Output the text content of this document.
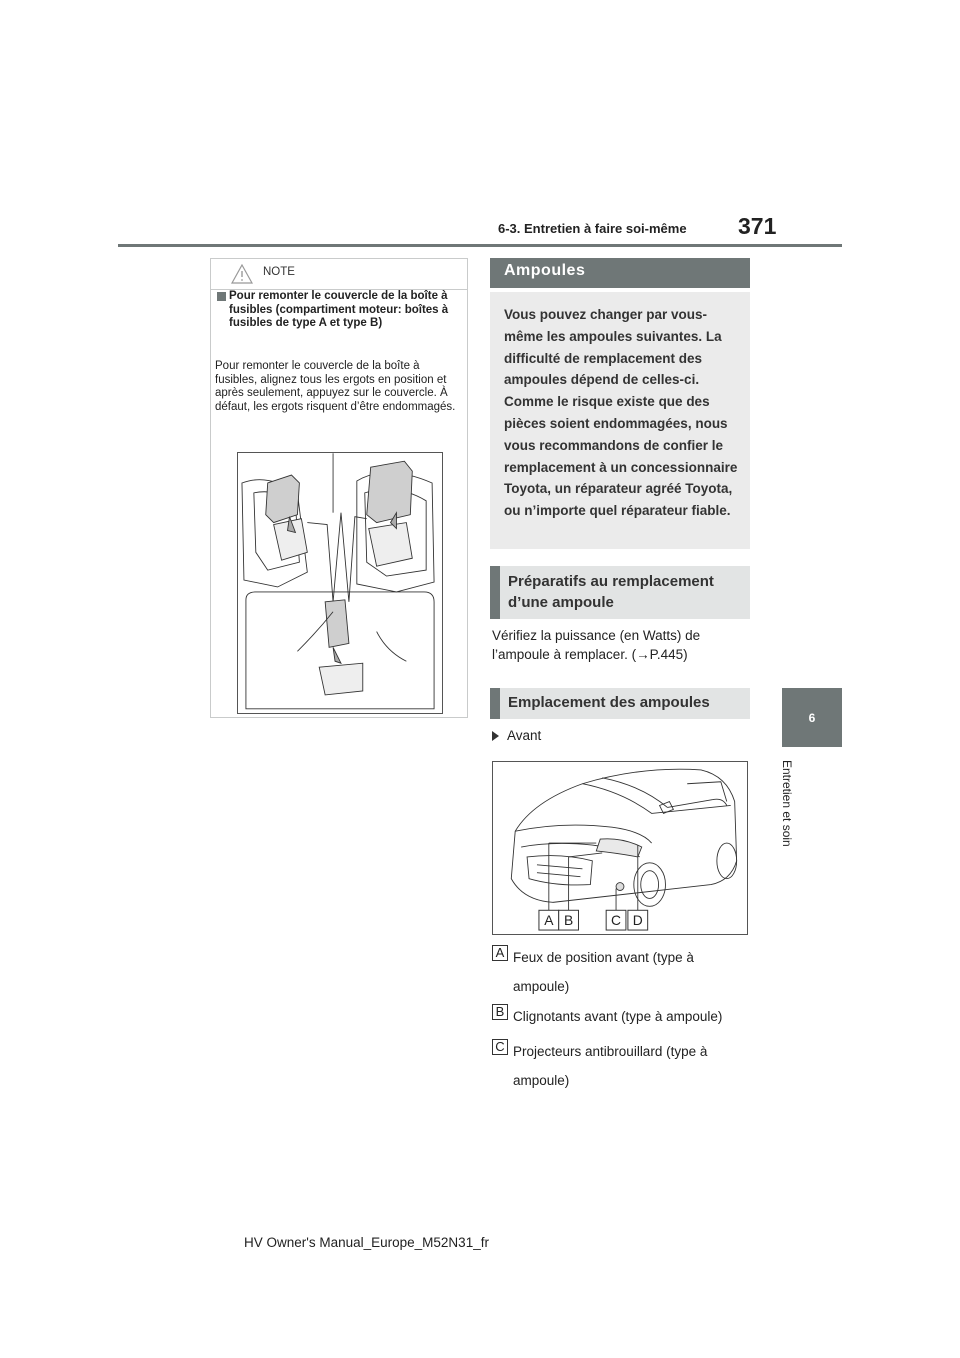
6-3. Entretien à faire soi-même 371
6
Entretien et soin
NOTE
Pour remonter le couvercle de la boîte à fusibles (compartiment moteur: boîtes à fusibles de type A et type B)
Pour remonter le couvercle de la boîte à fusibles, alignez tous les ergots en position et après seulement, appuyez sur le couvercle. À défaut, les ergots risquent d’être endommagés.
Ampoules
Vous pouvez changer par vous-même les ampoules suivantes. La difficulté de remplacement des ampoules dépend de celles-ci. Comme le risque existe que des pièces soient endommagées, nous vous recommandons de confier le remplacement à un concessionnaire Toyota, un réparateur agréé Toyota, ou n’importe quel réparateur fiable.
Préparatifs au remplacement d’une ampoule
Vérifiez la puissance (en Watts) de l’ampoule à remplacer. (→P.445)
Emplacement des ampoules
Avant
A B	C D
A Feux de position avant (type à ampoule)
B Clignotants avant (type à ampoule)
C Projecteurs antibrouillard (type à ampoule)
HV Owner's Manual_Europe_M52N31_fr
